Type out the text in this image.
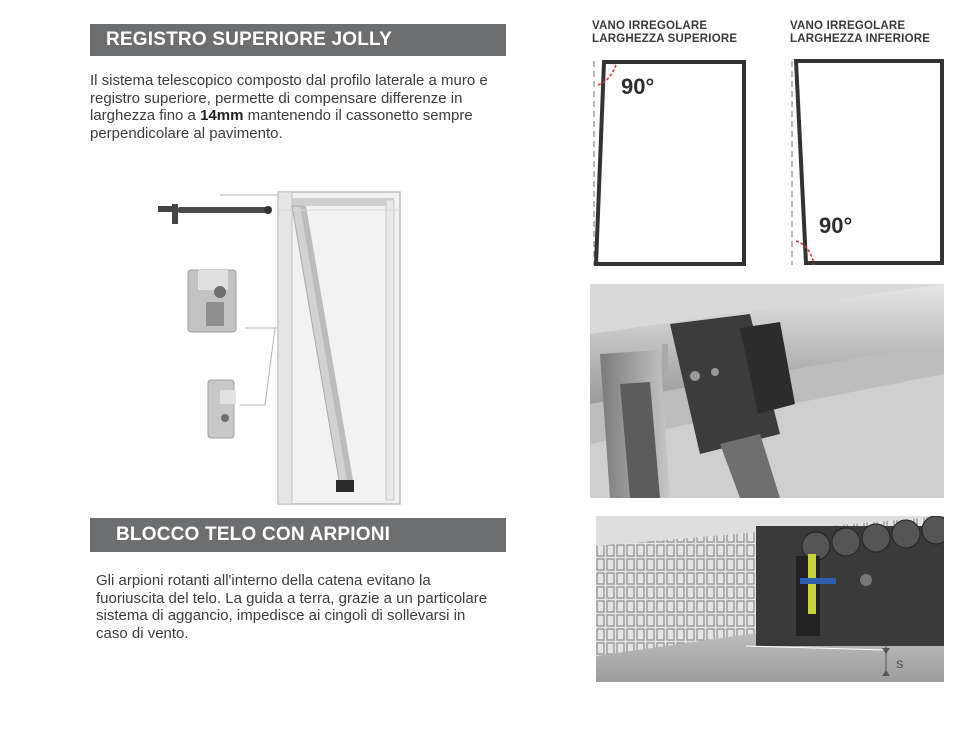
REGISTRO SUPERIORE JOLLY
Il sistema telescopico composto dal profilo laterale a muro e registro superiore, permette di compensare differenze in larghezza fino a 14mm mantenendo il cassonetto sempre perpendicolare al pavimento.
VANO IRREGOLARE
LARGHEZZA SUPERIORE
90°
VANO IRREGOLARE
LARGHEZZA INFERIORE
90°
BLOCCO TELO CON ARPIONI
Gli arpioni rotanti all'interno della catena evitano la fuoriuscita del telo. La guida a terra, grazie a un particolare sistema di aggancio, impedisce ai cingoli di sollevarsi in caso di vento.
S
